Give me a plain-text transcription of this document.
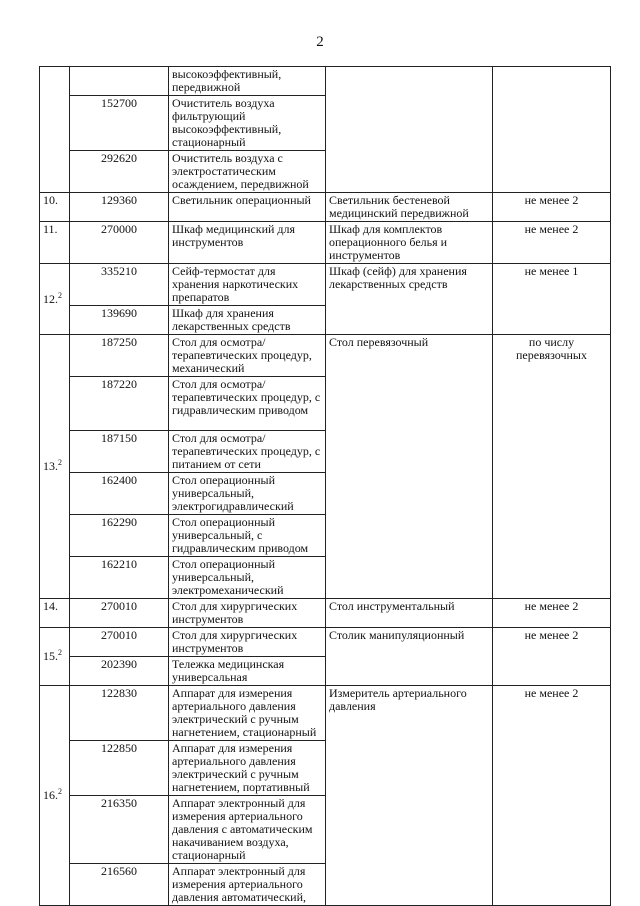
2
		высокоэффективный, передвижной		
	152700	Очиститель воздуха фильтрующий высокоэффективный, стационарный		
	292620	Очиститель воздуха с электростатическим осаждением, передвижной		
10.	129360	Светильник операционный	Светильник бестеневой медицинский передвижной	не менее 2
11.	270000	Шкаф медицинский для инструментов	Шкаф для комплектов операционного белья и инструментов	не менее 2
12.$^2$	335210	Сейф-термостат для хранения наркотических препаратов	Шкаф (сейф) для хранения лекарственных средств	не менее 1
	139690	Шкаф для хранения лекарственных средств		
13.$^2$	187250	Стол для осмотра/терапевтических процедур, механический	Стол перевязочный	по числу перевязочных
	187220	Стол для осмотра/терапевтических процедур, с гидравлическим приводом		
	187150	Стол для осмотра/терапевтических процедур, с питанием от сети		
	162400	Стол операционный универсальный, электрогидравлический		
	162290	Стол операционный универсальный, с гидравлическим приводом		
	162210	Стол операционный универсальный, электромеханический		
14.	270010	Стол для хирургических инструментов	Стол инструментальный	не менее 2
15.$^2$	270010	Стол для хирургических инструментов	Столик манипуляционный	не менее 2
	202390	Тележка медицинская универсальная		
16.$^2$	122830	Аппарат для измерения артериального давления электрический с ручным нагнетением, стационарный	Измеритель артериального давления	не менее 2
	122850	Аппарат для измерения артериального давления электрический с ручным нагнетением, портативный		
	216350	Аппарат электронный для измерения артериального давления с автоматическим накачиванием воздуха, стационарный		
	216560	Аппарат электронный для измерения артериального давления автоматический,		
